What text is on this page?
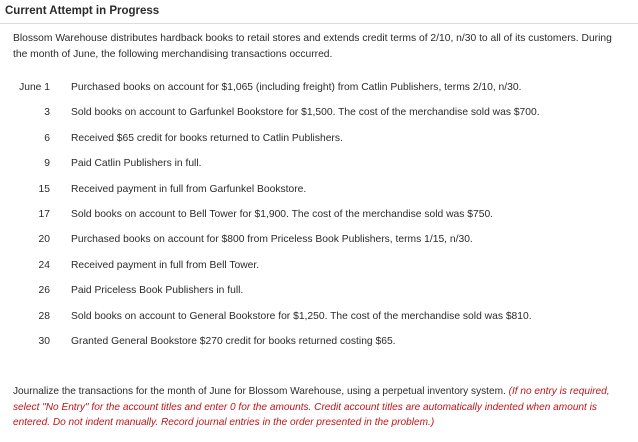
Current Attempt in Progress

Blossom Warehouse distributes hardback books to retail stores and extends credit terms of 2/10, n/30 to all of its customers. During the month of June, the following merchandising transactions occurred.

June 1 Purchased books on account for $1,065 (including freight) from Catlin Publishers, terms 2/10, n/30.
3 Sold books on account to Garfunkel Bookstore for $1,500. The cost of the merchandise sold was $700.
6 Received $65 credit for books returned to Catlin Publishers.
9 Paid Catlin Publishers in full.
15 Received payment in full from Garfunkel Bookstore.
17 Sold books on account to Bell Tower for $1,900. The cost of the merchandise sold was $750.
20 Purchased books on account for $800 from Priceless Book Publishers, terms 1/15, n/30.
24 Received payment in full from Bell Tower.
26 Paid Priceless Book Publishers in full.
28 Sold books on account to General Bookstore for $1,250. The cost of the merchandise sold was $810.
30 Granted General Bookstore $270 credit for books returned costing $65.

Journalize the transactions for the month of June for Blossom Warehouse, using a perpetual inventory system. (If no entry is required, select "No Entry" for the account titles and enter 0 for the amounts. Credit account titles are automatically indented when amount is entered. Do not indent manually. Record journal entries in the order presented in the problem.)
